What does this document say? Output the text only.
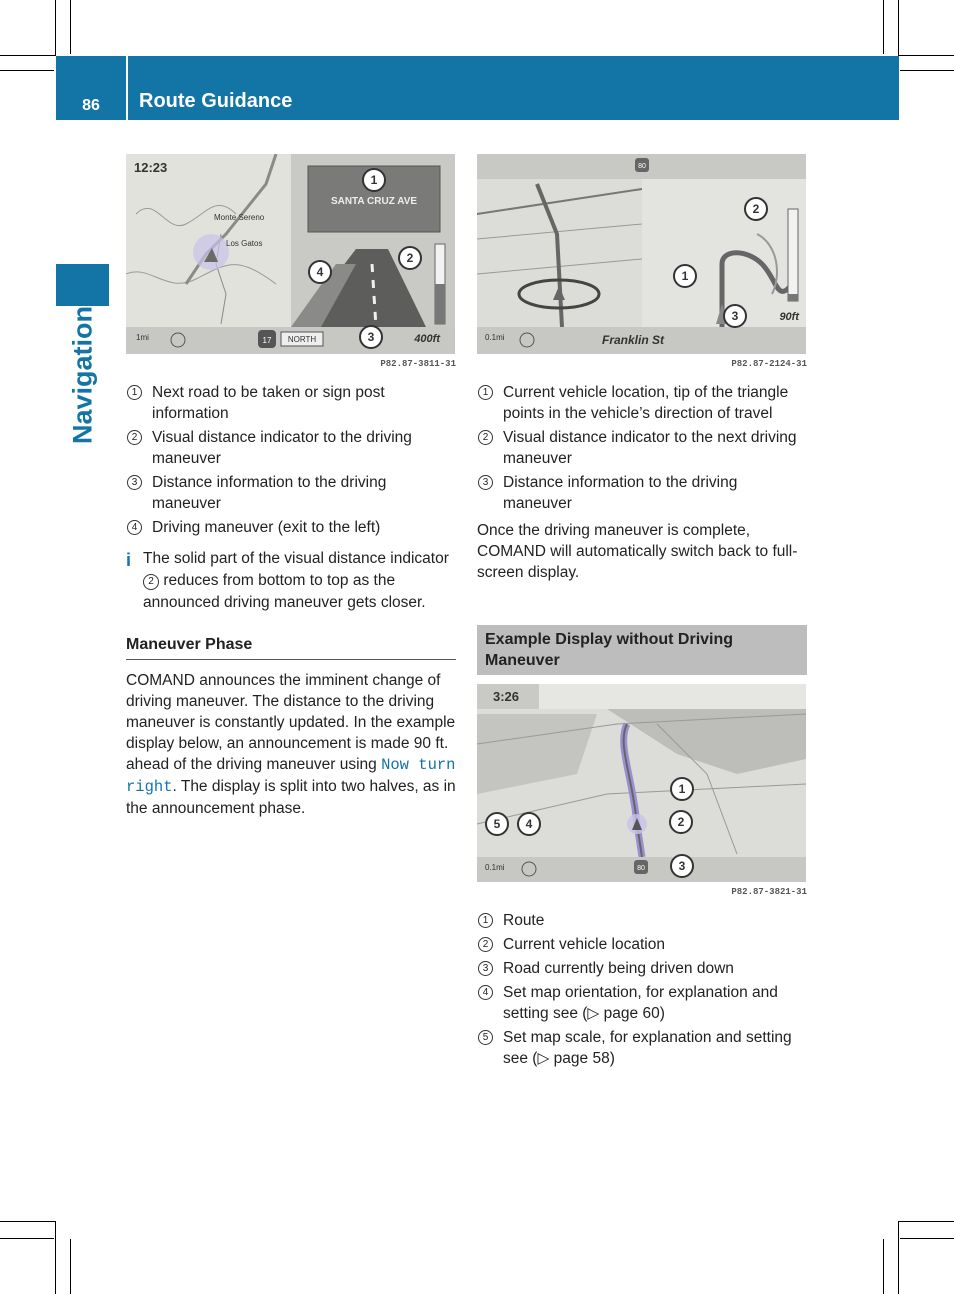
86	Route Guidance
Navigation
12:23
Monte Sereno
Los Gatos
SANTA CRUZ AVE
1mi	17 NORTH	400ft
1
2
3
4
P82.87-3811-31
1 Next road to be taken or sign post information
2 Visual distance indicator to the driving maneuver
3 Distance information to the driving maneuver
4 Driving maneuver (exit to the left)
i The solid part of the visual distance indicator 2 reduces from bottom to top as the announced driving maneuver gets closer.
Maneuver Phase

COMAND announces the imminent change of driving maneuver. The distance to the driving maneuver is constantly updated. In the example display below, an announcement is made 90 ft. ahead of the driving maneuver using Now turn right. The display is split into two halves, as in the announcement phase.

80
0.1mi	Franklin St
90ft
1
2
3
P82.87-2124-31
1 Current vehicle location, tip of the triangle points in the vehicle’s direction of travel
2 Visual distance indicator to the next driving maneuver
3 Distance information to the driving maneuver

Once the driving maneuver is complete, COMAND will automatically switch back to full-screen display.

Example Display without Driving Maneuver
3:26
0.1mi	80
1
2
3
4
5
P82.87-3821-31
1 Route
2 Current vehicle location
3 Road currently being driven down
4 Set map orientation, for explanation and setting see (▷ page 60)
5 Set map scale, for explanation and setting see (▷ page 58)
